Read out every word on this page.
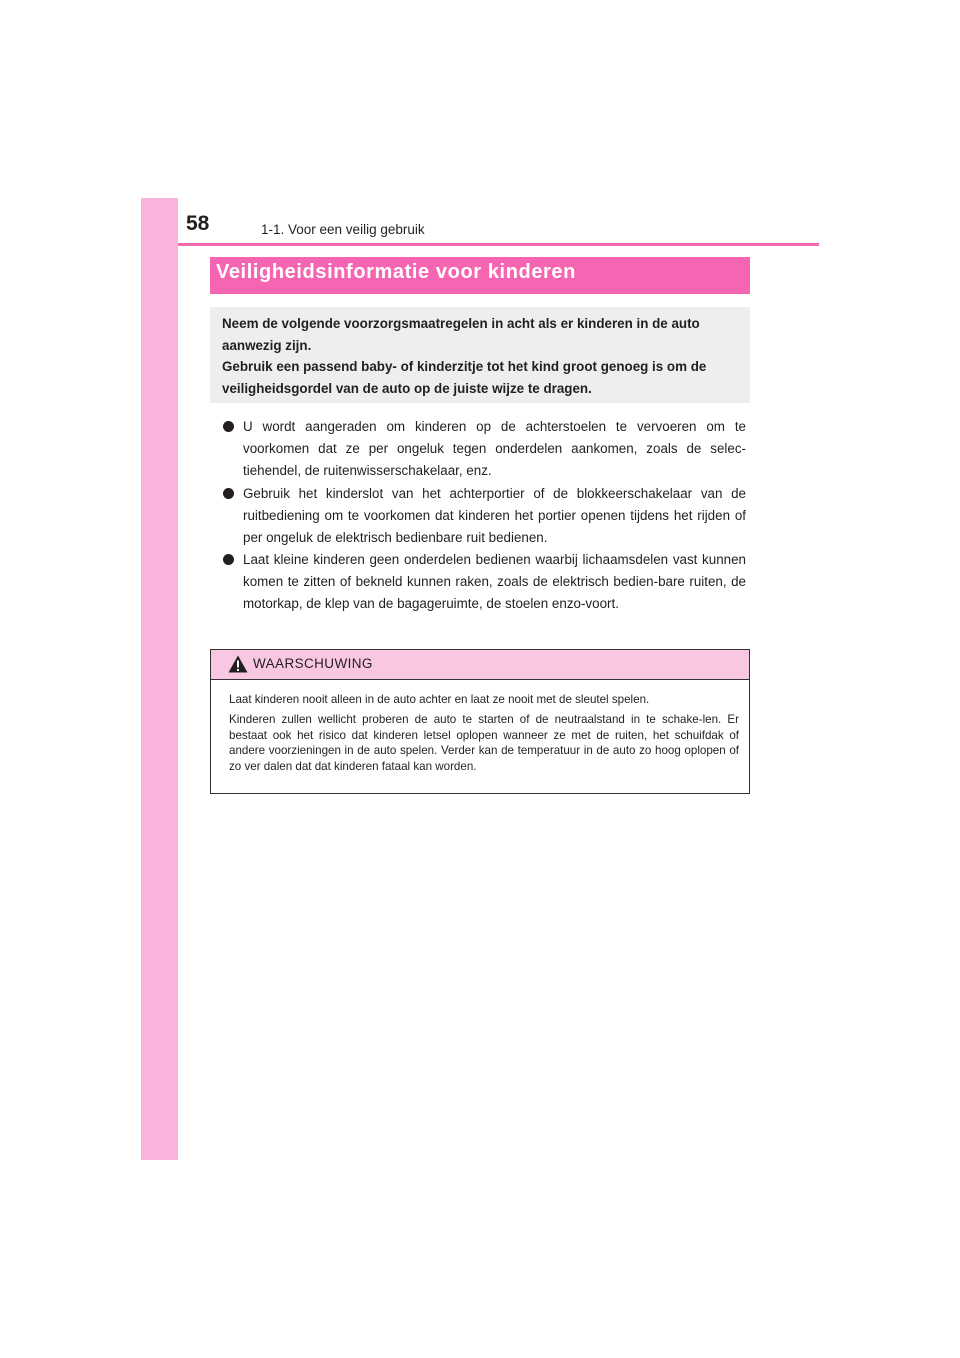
58	1-1. Voor een veilig gebruik
Veiligheidsinformatie voor kinderen

Neem de volgende voorzorgsmaatregelen in acht als er kinderen in de auto aanwezig zijn.

Gebruik een passend baby- of kinderzitje tot het kind groot genoeg is om de veiligheidsgordel van de auto op de juiste wijze te dragen.

U wordt aangeraden om kinderen op de achterstoelen te vervoeren om te voorkomen dat ze per ongeluk tegen onderdelen aankomen, zoals de selec-tiehendel, de ruitenwisserschakelaar, enz.
Gebruik het kinderslot van het achterportier of de blokkeerschakelaar van de ruitbediening om te voorkomen dat kinderen het portier openen tijdens het rijden of per ongeluk de elektrisch bedienbare ruit bedienen.
Laat kleine kinderen geen onderdelen bedienen waarbij lichaamsdelen vast kunnen komen te zitten of bekneld kunnen raken, zoals de elektrisch bedien-bare ruiten, de motorkap, de klep van de bagageruimte, de stoelen enzo-voort.
WAARSCHUWING

Laat kinderen nooit alleen in de auto achter en laat ze nooit met de sleutel spelen.

Kinderen zullen wellicht proberen de auto te starten of de neutraalstand in te schake-len. Er bestaat ook het risico dat kinderen letsel oplopen wanneer ze met de ruiten, het schuifdak of andere voorzieningen in de auto spelen. Verder kan de temperatuur in de auto zo hoog oplopen of zo ver dalen dat dat kinderen fataal kan worden.
